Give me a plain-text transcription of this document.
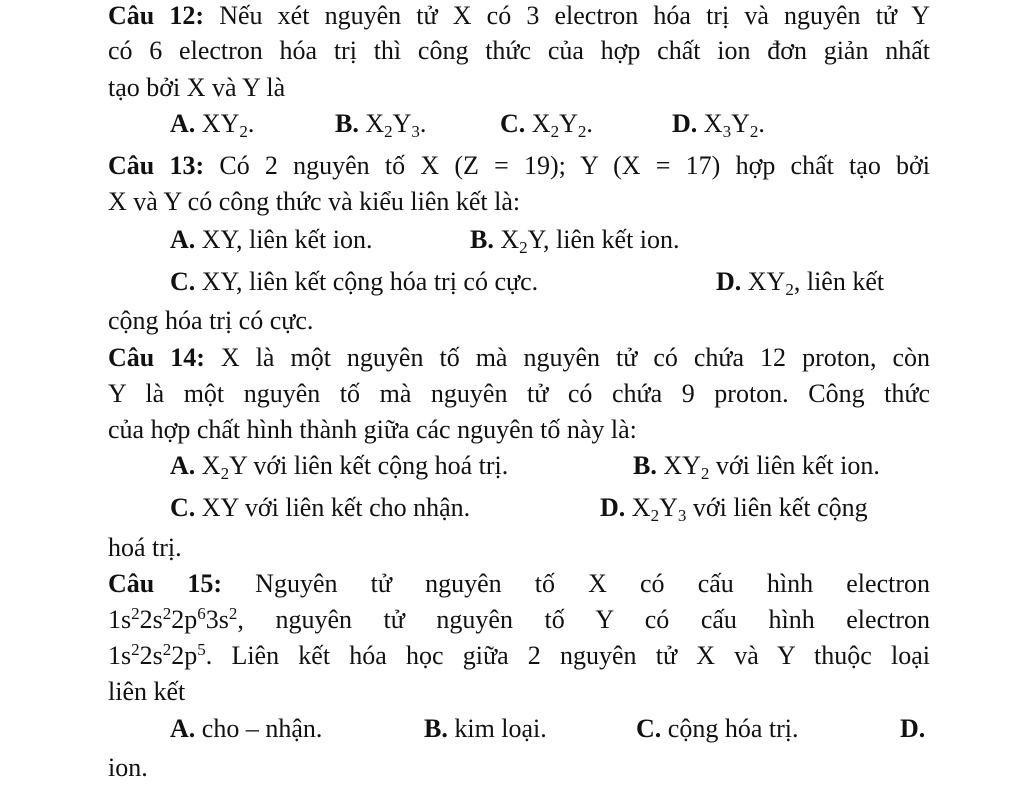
Câu 12: Nếu xét nguyên tử X có 3 electron hóa trị và nguyên tử Y
có 6 electron hóa trị thì công thức của hợp chất ion đơn giản nhất
tạo bởi X và Y là
A. $XY_2$.	B. $X_2Y_3$.	C. $X_2Y_2$.	D. $X_3Y_2$.
Câu 13: Có 2 nguyên tố X (Z = 19); Y (X = 17) hợp chất tạo bởi
X và Y có công thức và kiểu liên kết là:
A. XY, liên kết ion.	B. $X_2Y$, liên kết ion.
C. XY, liên kết cộng hóa trị có cực.	D. $XY_2$, liên kết
cộng hóa trị có cực.
Câu 14: X là một nguyên tố mà nguyên tử có chứa 12 proton, còn
Y là một nguyên tố mà nguyên tử có chứa 9 proton. Công thức
của hợp chất hình thành giữa các nguyên tố này là:
A. $X_2Y$ với liên kết cộng hoá trị.	B. $XY_2$ với liên kết ion.
C. XY với liên kết cho nhận.	D. $X_2Y_3$ với liên kết cộng
hoá trị.
Câu 15: Nguyên tử nguyên tố X có cấu hình electron
$1s^22s^22p^63s^2$, nguyên tử nguyên tố Y có cấu hình electron
$1s^22s^22p^5$. Liên kết hóa học giữa 2 nguyên tử X và Y thuộc loại
liên kết
A. cho – nhận.	B. kim loại.	C. cộng hóa trị.	D.
ion.
